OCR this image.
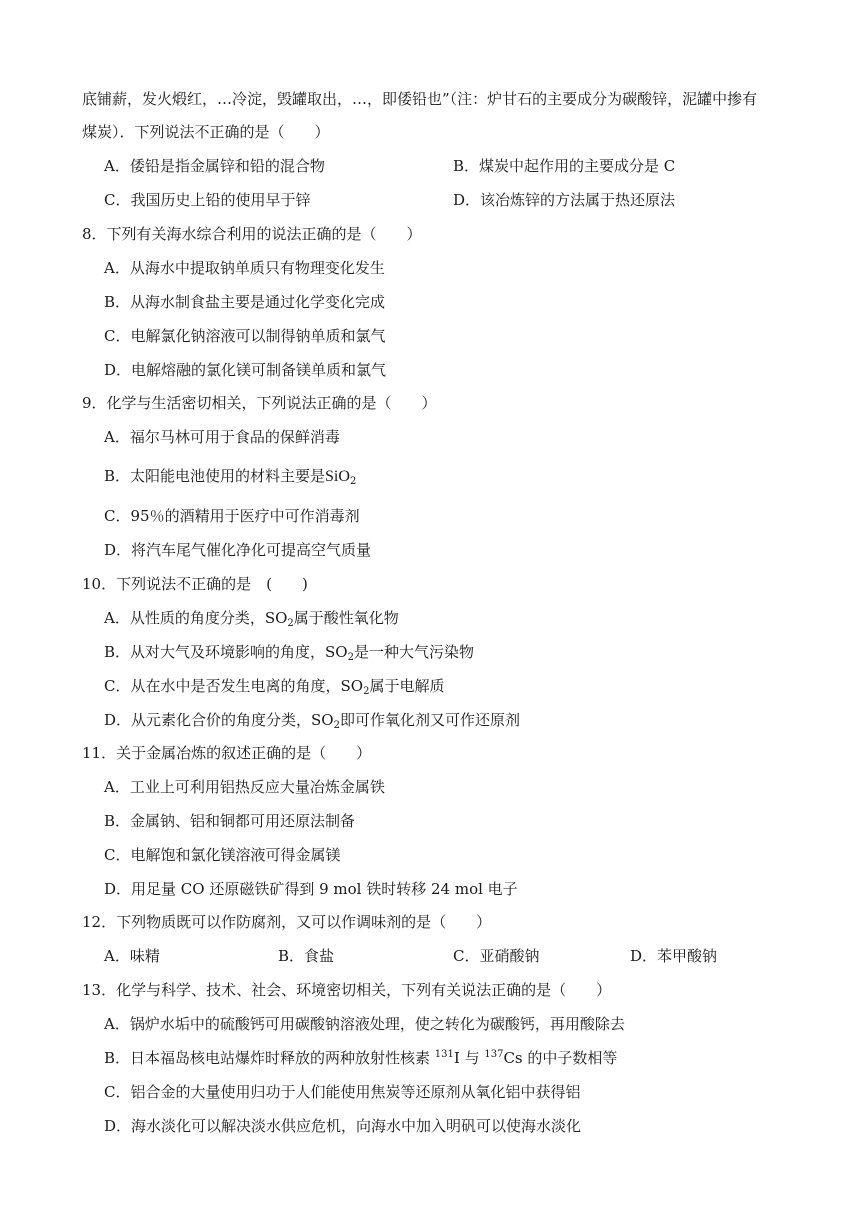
底铺薪，发火煅红，…冷淀，毁罐取出，…，即倭铅也”（注：炉甘石的主要成分为碳酸锌，泥罐中掺有
煤炭）．下列说法不正确的是（　　）
A．倭铅是指金属锌和铅的混合物	B．煤炭中起作用的主要成分是 C
C．我国历史上铅的使用早于锌	D．该冶炼锌的方法属于热还原法
8．下列有关海水综合利用的说法正确的是（　　）
A．从海水中提取钠单质只有物理变化发生
B．从海水制食盐主要是通过化学变化完成
C．电解氯化钠溶液可以制得钠单质和氯气
D．电解熔融的氯化镁可制备镁单质和氯气
9．化学与生活密切相关，下列说法正确的是（　　）
A．福尔马林可用于食品的保鲜消毒
B．太阳能电池使用的材料主要是SiO$_2$
C．95％的酒精用于医疗中可作消毒剂
D．将汽车尾气催化净化可提高空气质量
10．下列说法不正确的是　(　　)
A．从性质的角度分类，$SO_2$属于酸性氧化物
B．从对大气及环境影响的角度，$SO_2$是一种大气污染物
C．从在水中是否发生电离的角度，$SO_2$属于电解质
D．从元素化合价的角度分类，$SO_2$即可作氧化剂又可作还原剂
11．关于金属冶炼的叙述正确的是（　　）
A．工业上可利用铝热反应大量冶炼金属铁
B．金属钠、铝和铜都可用还原法制备
C．电解饱和氯化镁溶液可得金属镁
D．用足量 CO 还原磁铁矿得到 9 mol 铁时转移 24 mol 电子
12．下列物质既可以作防腐剂，又可以作调味剂的是（　　）
A．味精	B．食盐	C．亚硝酸钠	D．苯甲酸钠
13．化学与科学、技术、社会、环境密切相关，下列有关说法正确的是（　　）
A．锅炉水垢中的硫酸钙可用碳酸钠溶液处理，使之转化为碳酸钙，再用酸除去
B．日本福岛核电站爆炸时释放的两种放射性核素 $^{131}$I 与 $^{137}$Cs 的中子数相等
C．铝合金的大量使用归功于人们能使用焦炭等还原剂从氧化铝中获得铝
D．海水淡化可以解决淡水供应危机，向海水中加入明矾可以使海水淡化
